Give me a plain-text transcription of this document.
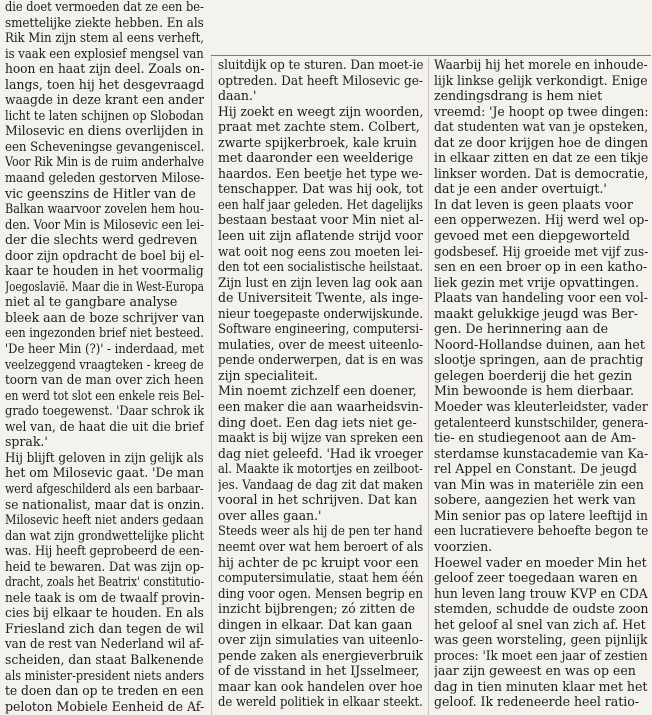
die doet vermoeden dat ze een be-
smettelijke ziekte hebben. En als
Rik Min zijn stem al eens verheft,
is vaak een explosief mengsel van
hoon en haat zijn deel. Zoals on-
langs, toen hij het desgevraagd
waagde in deze krant een ander
licht te laten schijnen op Slobodan
Milosevic en diens overlijden in
een Scheveningse gevangeniscel.
Voor Rik Min is de ruim anderhalve
maand geleden gestorven Milose-
vic geenszins de Hitler van de
Balkan waarvoor zovelen hem hou-
den. Voor Min is Milosevic een lei-
der die slechts werd gedreven
door zijn opdracht de boel bij el-
kaar te houden in het voormalig
Joegoslavië. Maar die in West-Europa
niet al te gangbare analyse
bleek aan de boze schrijver van
een ingezonden brief niet besteed.
'De heer Min (?)' - inderdaad, met
veelzeggend vraagteken - kreeg de
toorn van de man over zich heen
en werd tot slot een enkele reis Bel-
grado toegewenst. 'Daar schrok ik
wel van, de haat die uit die brief
sprak.'
Hij blijft geloven in zijn gelijk als
het om Milosevic gaat. 'De man
werd afgeschilderd als een barbaar-
se nationalist, maar dat is onzin.
Milosevic heeft niet anders gedaan
dan wat zijn grondwettelijke plicht
was. Hij heeft geprobeerd de een-
heid te bewaren. Dat was zijn op-
dracht, zoals het Beatrix' constitutio-
nele taak is om de twaalf provin-
cies bij elkaar te houden. En als
Friesland zich dan tegen de wil
van de rest van Nederland wil af-
scheiden, dan staat Balkenende
als minister-president niets anders
te doen dan op te treden en een
peloton Mobiele Eenheid de Af-
sluitdijk op te sturen. Dan moet-ie
optreden. Dat heeft Milosevic ge-
daan.'
Hij zoekt en weegt zijn woorden,
praat met zachte stem. Colbert,
zwarte spijkerbroek, kale kruin
met daaronder een weelderige
haardos. Een beetje het type we-
tenschapper. Dat was hij ook, tot
een half jaar geleden. Het dagelijks
bestaan bestaat voor Min niet al-
leen uit zijn aflatende strijd voor
wat ooit nog eens zou moeten lei-
den tot een socialistische heilstaat.
Zijn lust en zijn leven lag ook aan
de Universiteit Twente, als inge-
nieur toegepaste onderwijskunde.
Software engineering, computersi-
mulaties, over de meest uiteenlo-
pende onderwerpen, dat is en was
zijn specialiteit.
Min noemt zichzelf een doener,
een maker die aan waarheidsvin-
ding doet. Een dag iets niet ge-
maakt is bij wijze van spreken een
dag niet geleefd. 'Had ik vroeger
al. Maakte ik motortjes en zeilboot-
jes. Vandaag de dag zit dat maken
vooral in het schrijven. Dat kan
over alles gaan.'
Steeds weer als hij de pen ter hand
neemt over wat hem beroert of als
hij achter de pc kruipt voor een
computersimulatie, staat hem één
ding voor ogen. Mensen begrip en
inzicht bijbrengen; zó zitten de
dingen in elkaar. Dat kan gaan
over zijn simulaties van uiteenlo-
pende zaken als energieverbruik
of de visstand in het IJsselmeer,
maar kan ook handelen over hoe
de wereld politiek in elkaar steekt.
Waarbij hij het morele en inhoude-
lijk linkse gelijk verkondigt. Enige
zendingsdrang is hem niet
vreemd: 'Je hoopt op twee dingen:
dat studenten wat van je opsteken,
dat ze door krijgen hoe de dingen
in elkaar zitten en dat ze een tikje
linkser worden. Dat is democratie,
dat je een ander overtuigt.'
In dat leven is geen plaats voor
een opperwezen. Hij werd wel op-
gevoed met een diepgeworteld
godsbesef. Hij groeide met vijf zus-
sen en een broer op in een katho-
liek gezin met vrije opvattingen.
Plaats van handeling voor een vol-
maakt gelukkige jeugd was Ber-
gen. De herinnering aan de
Noord-Hollandse duinen, aan het
slootje springen, aan de prachtig
gelegen boerderij die het gezin
Min bewoonde is hem dierbaar.
Moeder was kleuterleidster, vader
getalenteerd kunstschilder, genera-
tie- en studiegenoot aan de Am-
sterdamse kunstacademie van Ka-
rel Appel en Constant. De jeugd
van Min was in materiële zin een
sobere, aangezien het werk van
Min senior pas op latere leeftijd in
een lucratievere behoefte begon te
voorzien.
Hoewel vader en moeder Min het
geloof zeer toegedaan waren en
hun leven lang trouw KVP en CDA
stemden, schudde de oudste zoon
het geloof al snel van zich af. Het
was geen worsteling, geen pijnlijk
proces: 'Ik moet een jaar of zestien
jaar zijn geweest en was op een
dag in tien minuten klaar met het
geloof. Ik redeneerde heel ratio-
